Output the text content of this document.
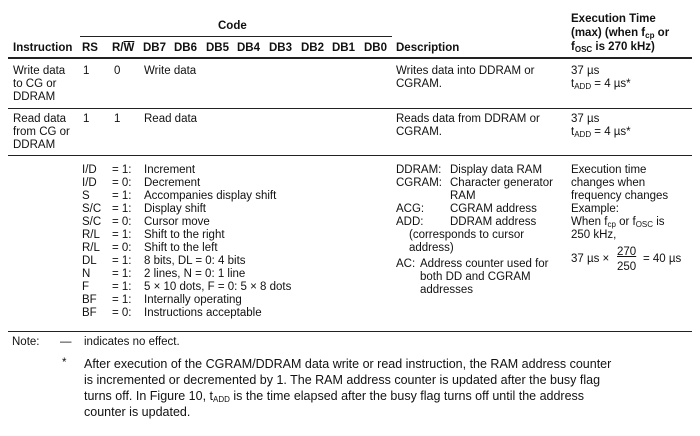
Code
Instruction RS $R/\overline{W}$ DB7 DB6 DB5 DB4 DB3 DB2 DB1 DB0 Description
Execution Time
(max) (when $f_{cp}$ or
$f_{OSC}$ is 270 kHz)
Write data
to CG or
DDRAM
1 0 Write data	Writes data into DDRAM or
CGRAM.
37 µs
$t_{ADD} = 4$ µs*
Read data
from CG or
DDRAM
1 1 Read data	Reads data from DDRAM or
CGRAM.
37 µs
$t_{ADD} = 4$ µs*
I/D = 1: Increment
I/D = 0: Decrement
S = 1: Accompanies display shift
S/C = 1: Display shift
S/C = 0: Cursor move
R/L = 1: Shift to the right
R/L = 0: Shift to the left
DL = 1: 8 bits, DL = 0: 4 bits
N = 1: 2 lines, N = 0: 1 line
F = 1: 5 × 10 dots, F = 0: 5 × 8 dots
BF = 1: Internally operating
BF = 0: Instructions acceptable
DDRAM: Display data RAM
CGRAM: Character generator
RAM
ACG: CGRAM address
ADD: DDRAM address
(corresponds to cursor
address)
AC: Address counter used for
both DD and CGRAM
addresses
Execution time
changes when
frequency changes
Example:
When $f_{cp}$ or $f_{OSC}$ is
250 kHz,
37 µs ×
270
250
= 40 µs
Note: — indicates no effect.
* After execution of the CGRAM/DDRAM data write or read instruction, the RAM address counter
is incremented or decremented by 1. The RAM address counter is updated after the busy flag
turns off. In Figure 10, $t_{ADD}$ is the time elapsed after the busy flag turns off until the address
counter is updated.
